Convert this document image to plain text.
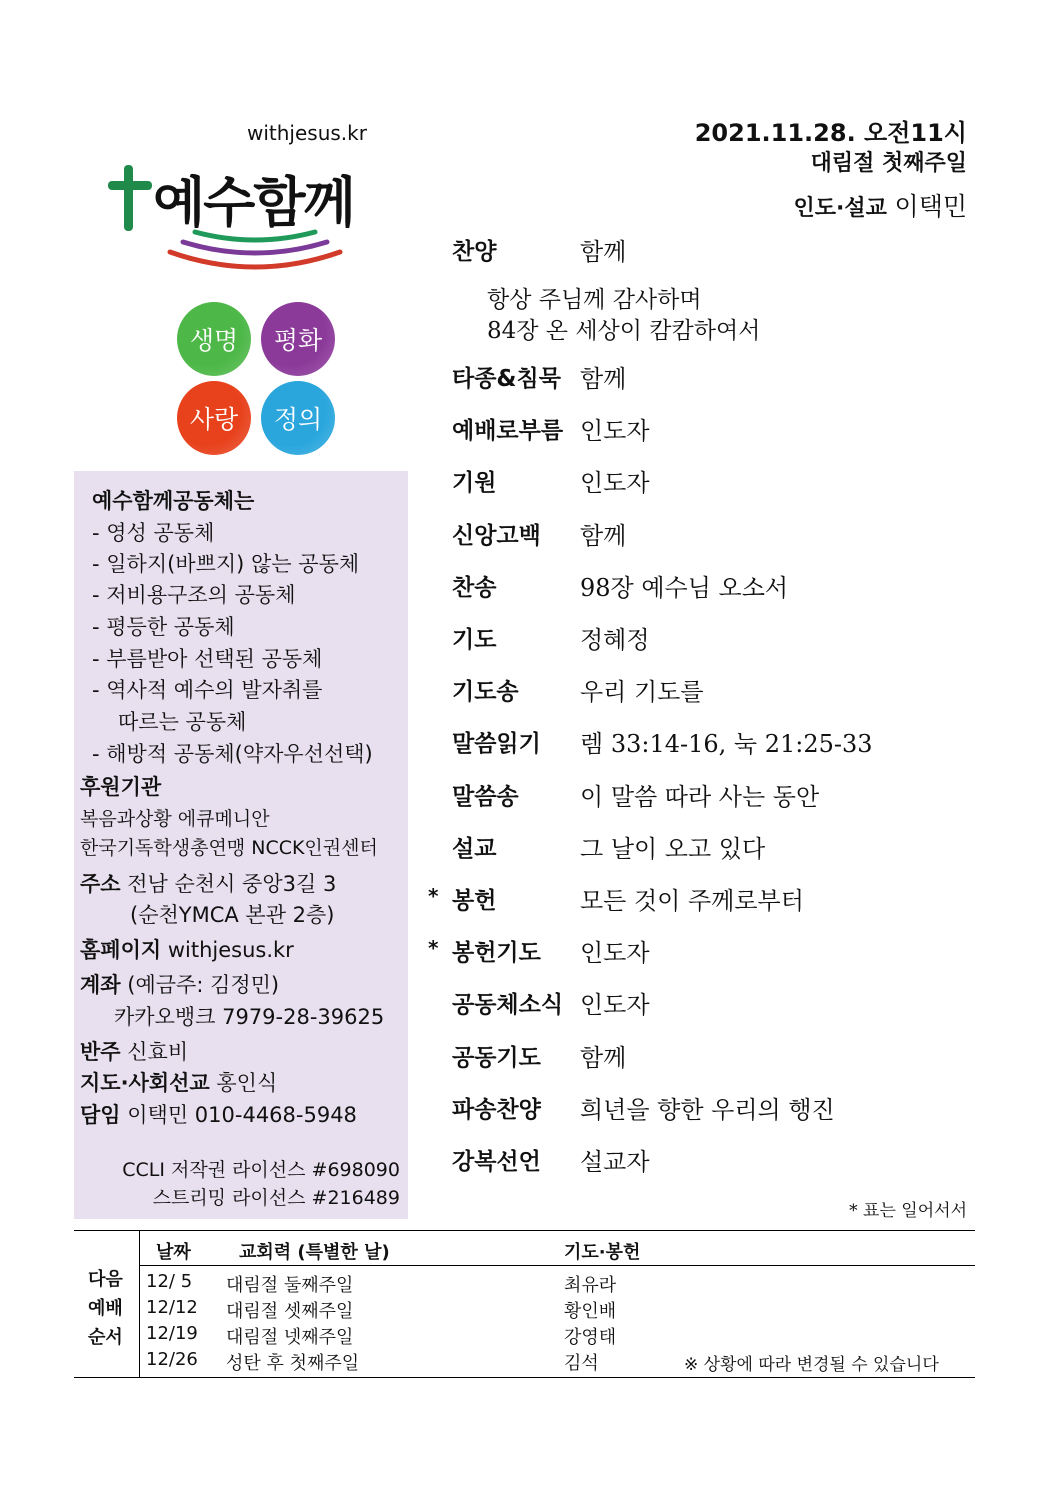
withjesus.kr
예수함께
생명 평화
사랑 정의
2021.11.28. 오전11시
대림절 첫째주일
인도·설교 이택민
예수함께공동체는
- 영성 공동체
- 일하지(바쁘지) 않는 공동체
- 저비용구조의 공동체
- 평등한 공동체
- 부름받아 선택된 공동체
- 역사적 예수의 발자취를
따르는 공동체
- 해방적 공동체(약자우선선택)
후원기관
복음과상황 에큐메니안
한국기독학생총연맹 NCCK인권센터
주소 전남 순천시 중앙3길 3
(순천YMCA 본관 2층)
홈페이지 withjesus.kr
계좌 (예금주: 김정민)
카카오뱅크 7979-28-39625
반주 신효비
지도·사회선교 홍인식
담임 이택민 010-4468-5948
CCLI 저작권 라이선스 #698090
스트리밍 라이선스 #216489
찬양	함께
항상 주님께 감사하며
84장 온 세상이 캄캄하여서
타종&침묵 함께
예배로부름 인도자
기원	인도자
신앙고백	함께
찬송	98장 예수님 오소서
기도	정혜정
기도송	우리 기도를
말씀읽기	렘 33:14-16, 눅 21:25-33
말씀송	이 말씀 따라 사는 동안
설교	그 날이 오고 있다
봉헌	모든 것이 주께로부터
*
봉헌기도	인도자
*
공동체소식 인도자
공동기도	함께
파송찬양	희년을 향한 우리의 행진
강복선언	설교자
* 표는 일어서서
다음
예배
순서
날짜	교회력 (특별한 날)	기도·봉헌
12/ 5 대림절 둘째주일	최유라
12/12 대림절 셋째주일	황인배
12/19 대림절 넷째주일	강영태
12/26 성탄 후 첫째주일	김석	※ 상황에 따라 변경될 수 있습니다
